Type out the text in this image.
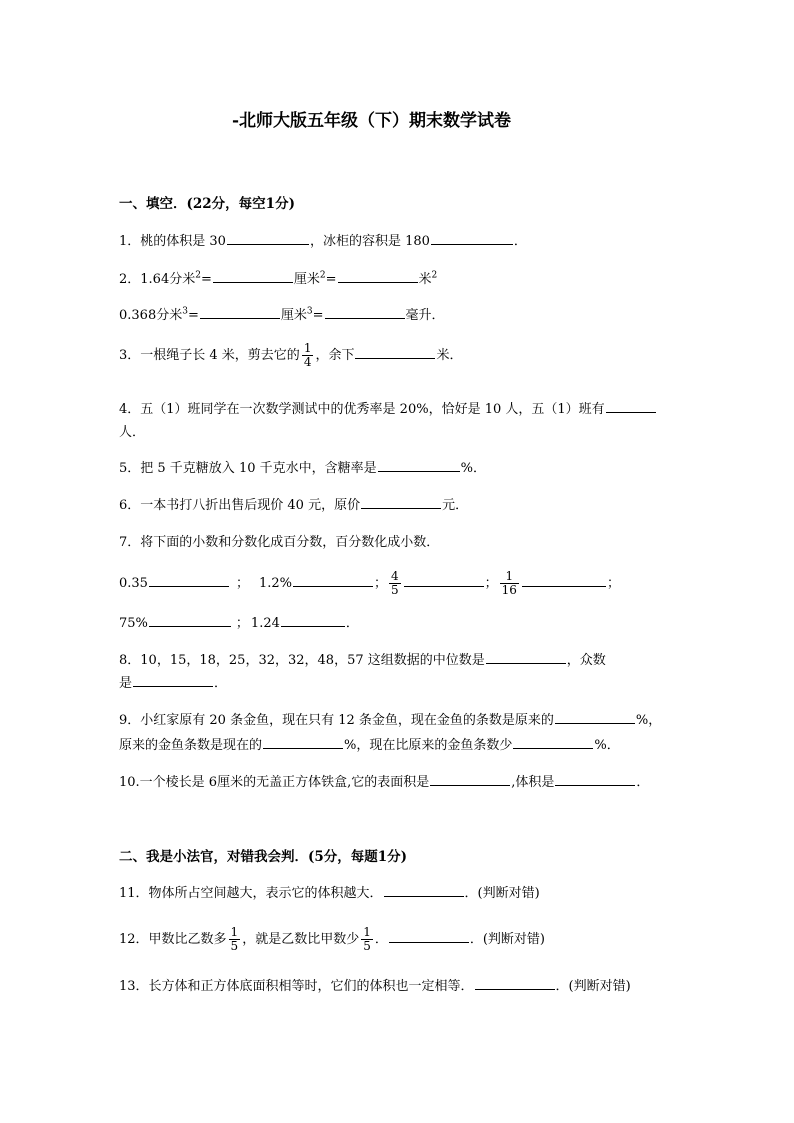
-北师大版五年级（下）期末数学试卷
一、填空．(22分，每空1分)
1．桃的体积是 30	，冰柜的容积是 180	．
2．1.64分米$^2$=	厘米$^2$=	米$^2$
0.368分米$^3$=	厘米$^3$=	毫升．
3．一根绳子长 4 米，剪去它的 $\frac{1}{4}$ ，余下	米．
4．五（1）班同学在一次数学测试中的优秀率是 20%，恰好是 10 人，五（1）班有
人．
5．把 5 千克糖放入 10 千克水中，含糖率是	%．
6．一本书打八折出售后现价 40 元，原价	元．
7．将下面的小数和分数化成百分数，百分数化成小数．
0.35	； 1.2%	； $\frac{4}{5}$	； $\frac{1}{16}$	；
75%	； 1.24	．
8．10，15，18，25，32，32，48，57 这组数据的中位数是	，众数
是	．
9．小红家原有 20 条金鱼，现在只有 12 条金鱼，现在金鱼的条数是原来的	%，
原来的金鱼条数是现在的	%，现在比原来的金鱼条数少	%．
10.一个棱长是 6厘米的无盖正方体铁盒,它的表面积是	,体积是	．
二、我是小法官，对错我会判．(5分，每题1分)
11．物体所占空间越大，表示它的体积越大．	．(判断对错)
12．甲数比乙数多 $\frac{1}{5}$ ，就是乙数比甲数少 $\frac{1}{5}$ ．	．(判断对错)
13．长方体和正方体底面积相等时，它们的体积也一定相等．	．(判断对错)
